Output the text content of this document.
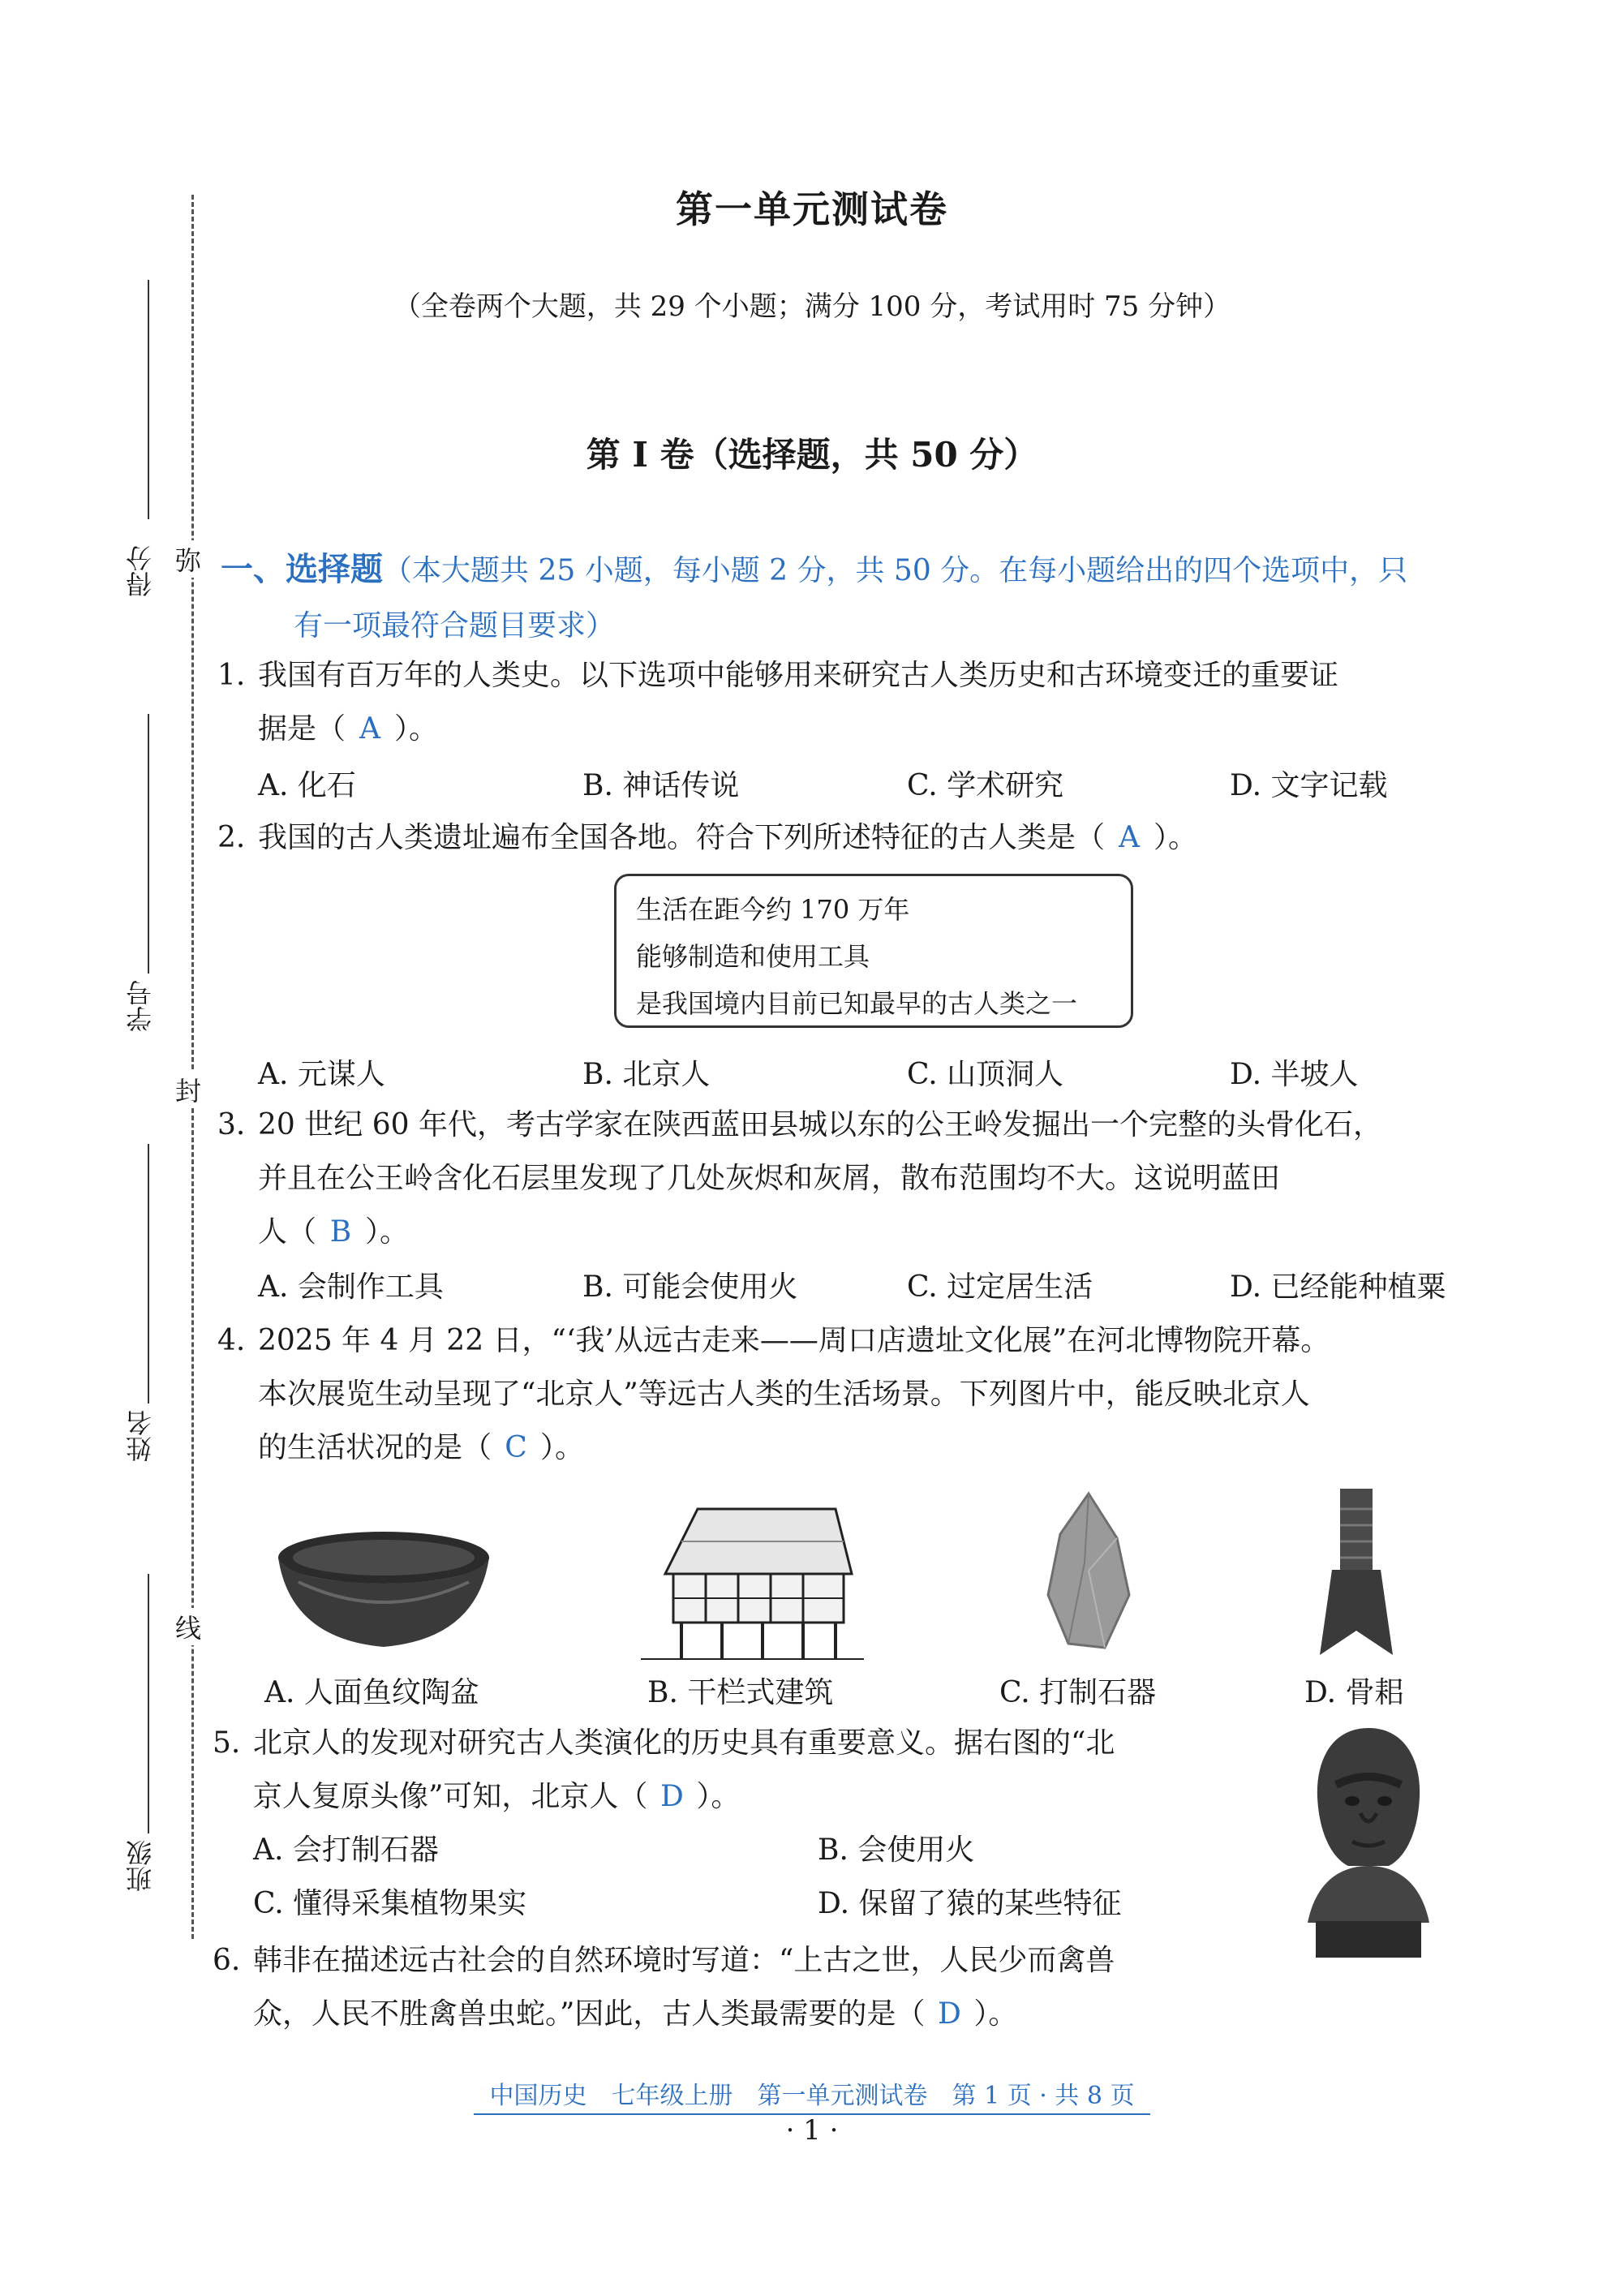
得分
学号
姓名
班级
弥
封
线
第一单元测试卷
（全卷两个大题，共 29 个小题；满分 100 分，考试用时 75 分钟）
第 Ⅰ 卷（选择题，共 50 分）
一、选择题（本大题共 25 小题，每小题 2 分，共 50 分。在每小题给出的四个选项中，只
有一项最符合题目要求）
1. 我国有百万年的人类史。以下选项中能够用来研究古人类历史和古环境变迁的重要证
据是（ A ）。
A. 化石	B. 神话传说	C. 学术研究	D. 文字记载
2. 我国的古人类遗址遍布全国各地。符合下列所述特征的古人类是（ A ）。
生活在距今约 170 万年
能够制造和使用工具
是我国境内目前已知最早的古人类之一
A. 元谋人	B. 北京人	C. 山顶洞人	D. 半坡人
3. 20 世纪 60 年代，考古学家在陕西蓝田县城以东的公王岭发掘出一个完整的头骨化石，
并且在公王岭含化石层里发现了几处灰烬和灰屑，散布范围均不大。这说明蓝田
人（ B ）。
A. 会制作工具	B. 可能会使用火	C. 过定居生活	D. 已经能种植粟
4. 2025 年 4 月 22 日，“‘我’从远古走来——周口店遗址文化展”在河北博物院开幕。
本次展览生动呈现了“北京人”等远古人类的生活场景。下列图片中，能反映北京人
的生活状况的是（ C ）。
A. 人面鱼纹陶盆	B. 干栏式建筑	C. 打制石器	D. 骨耜
5. 北京人的发现对研究古人类演化的历史具有重要意义。据右图的“北
京人复原头像”可知，北京人（ D ）。
A. 会打制石器	B. 会使用火
C. 懂得采集植物果实	D. 保留了猿的某些特征
6. 韩非在描述远古社会的自然环境时写道：“上古之世，人民少而禽兽
众，人民不胜禽兽虫蛇。”因此，古人类最需要的是（ D ）。
中国历史　七年级上册　第一单元测试卷　第 1 页 · 共 8 页
· 1 ·
